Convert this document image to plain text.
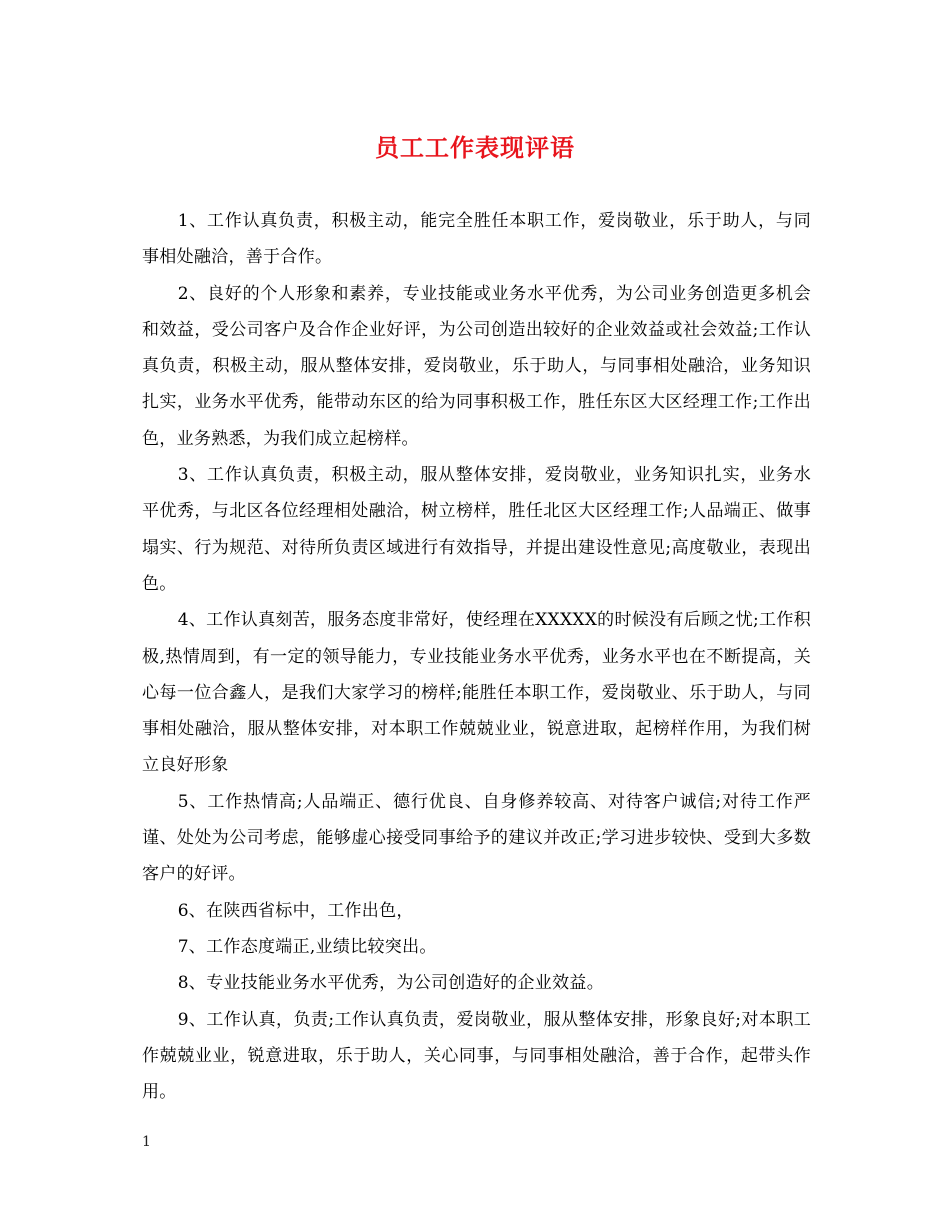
员工工作表现评语

1、工作认真负责，积极主动，能完全胜任本职工作，爱岗敬业，乐于助人，与同事相处融洽，善于合作。

2、良好的个人形象和素养，专业技能或业务水平优秀，为公司业务创造更多机会和效益，受公司客户及合作企业好评，为公司创造出较好的企业效益或社会效益;工作认真负责，积极主动，服从整体安排，爱岗敬业，乐于助人，与同事相处融洽，业务知识扎实，业务水平优秀，能带动东区的给为同事积极工作，胜任东区大区经理工作;工作出色，业务熟悉，为我们成立起榜样。

3、工作认真负责，积极主动，服从整体安排，爱岗敬业，业务知识扎实，业务水平优秀，与北区各位经理相处融洽，树立榜样，胜任北区大区经理工作;人品端正、做事塌实、行为规范、对待所负责区域进行有效指导，并提出建设性意见;高度敬业，表现出色。

4、工作认真刻苦，服务态度非常好，使经理在XXXXX的时候没有后顾之忧;工作积极,热情周到，有一定的领导能力，专业技能业务水平优秀，业务水平也在不断提高，关心每一位合鑫人，是我们大家学习的榜样;能胜任本职工作，爱岗敬业、乐于助人，与同事相处融洽，服从整体安排，对本职工作兢兢业业，锐意进取，起榜样作用，为我们树立良好形象

5、工作热情高;人品端正、德行优良、自身修养较高、对待客户诚信;对待工作严谨、处处为公司考虑，能够虚心接受同事给予的建议并改正;学习进步较快、受到大多数客户的好评。

6、在陕西省标中，工作出色，

7、工作态度端正,业绩比较突出。

8、专业技能业务水平优秀，为公司创造好的企业效益。

9、工作认真，负责;工作认真负责，爱岗敬业，服从整体安排，形象良好;对本职工作兢兢业业，锐意进取，乐于助人，关心同事，与同事相处融洽，善于合作，起带头作用。

1
